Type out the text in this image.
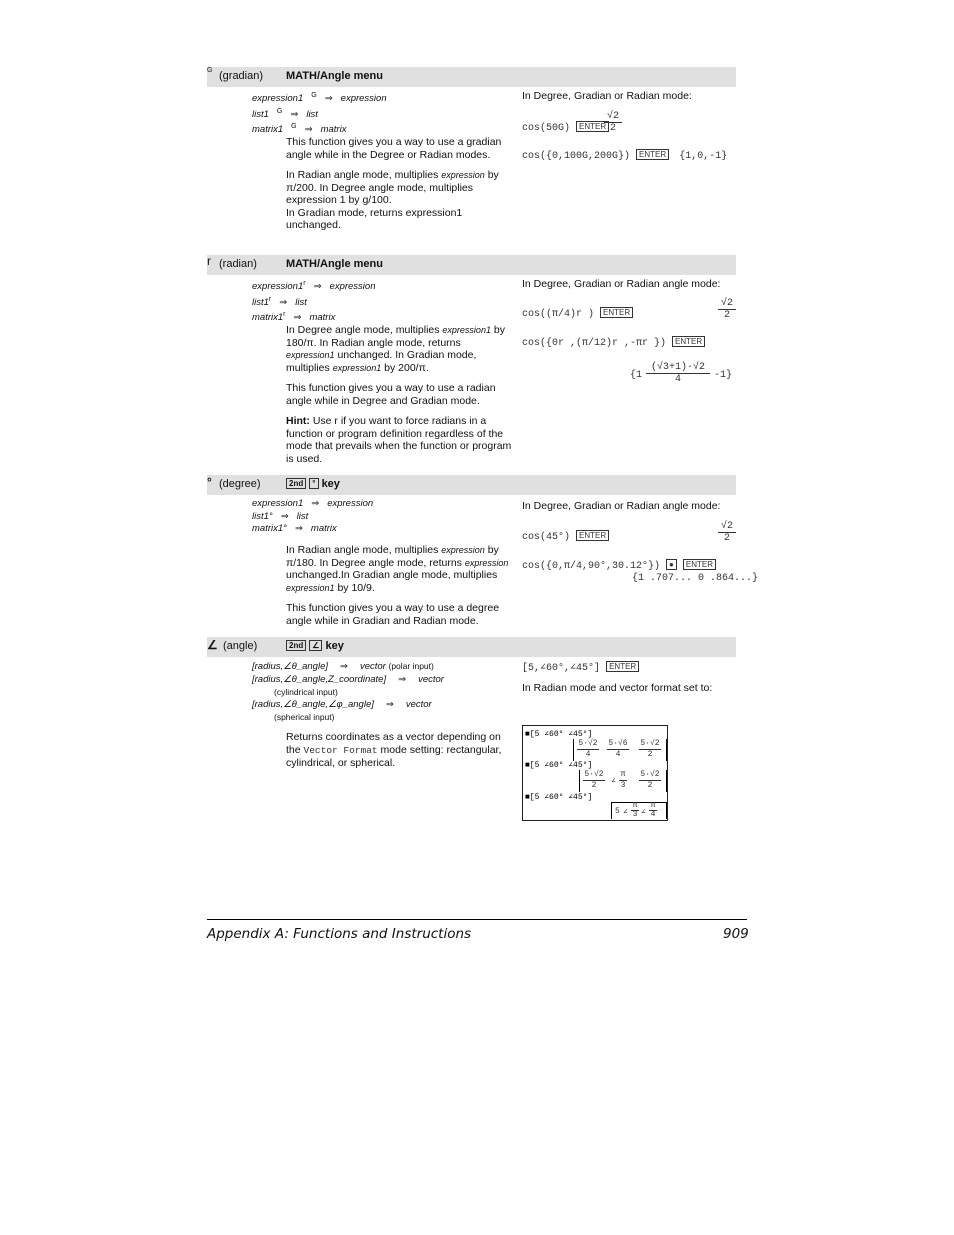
G (gradian) MATH/Angle menu
expression1 $^G$ ⇒ expression
list1 $^G$ ⇒ list
matrix1 $^G$ ⇒ matrix

This function gives you a way to use a gradian angle while in the Degree or Radian modes.

In Radian angle mode, multiplies expression by π/200. In Degree angle mode, multiplies expression 1 by g/100.

In Gradian mode, returns expression1 unchanged.

In Degree, Gradian or Radian mode:
cos(50G) ENTER
$\frac{√2}{2}$
cos({0,100G,200G}) ENTER {1,0,-1}
r (radian)	MATH/Angle menu
expression1$^r$ ⇒ expression
list1$^r$ ⇒ list
matrix1$^r$ ⇒ matrix

In Degree angle mode, multiplies expression1 by 180/π. In Radian angle mode, returns expression1 unchanged. In Gradian mode, multiplies expression1 by 200/π.

This function gives you a way to use a radian angle while in Degree and Gradian mode.

Hint: Use r if you want to force radians in a function or program definition regardless of the mode that prevails when the function or program is used.

In Degree, Gradian or Radian angle mode:
cos((π/4)r ) ENTER	$\frac{√2}{2}$
cos({0r ,(π/12)r ,-πr }) ENTER
$\{1 \frac{(√3+1)\cdot√2}{4} -1\}$
° (degree)	2nd ° key
expression1 ⇒ expression
list1° ⇒ list
matrix1° ⇒ matrix

In Radian angle mode, multiplies expression by π/180. In Degree angle mode, returns expression unchanged.In Gradian angle mode, multiplies expression1 by 10/9.

This function gives you a way to use a degree angle while in Gradian and Radian mode.

In Degree, Gradian or Radian angle mode:
cos(45°) ENTER	$\frac{√2}{2}$
cos({0,π/4,90°,30.12°}) ● ENTER
{1 .707... 0 .864...}
∠ (angle)	2nd ∠ key
[radius,∠θ_angle] ⇒ vector (polar input)
[radius,∠θ_angle,Z_coordinate] ⇒ vector
(cylindrical input)
[radius,∠θ_angle,∠φ_angle] ⇒ vector
(spherical input)

Returns coordinates as a vector depending on the Vector Format mode setting: rectangular, cylindrical, or spherical.

[5,∠60°,∠45°] ENTER
In Radian mode and vector format set to:
■[5 ∠60° ∠45°]
$\frac{5\cdot√2}{4} \frac{5\cdot√6}{4} \frac{5\cdot√2}{2}$
■[5 ∠60° ∠45°]
$\frac{5\cdot√2}{2}$ ∠ $\frac{\pi}{3} \frac{5\cdot√2}{2}$
■[5 ∠60° ∠45°]
5 ∠ $\frac{\pi}{3}$ ∠ $\frac{\pi}{4}$
Appendix A: Functions and Instructions	909
